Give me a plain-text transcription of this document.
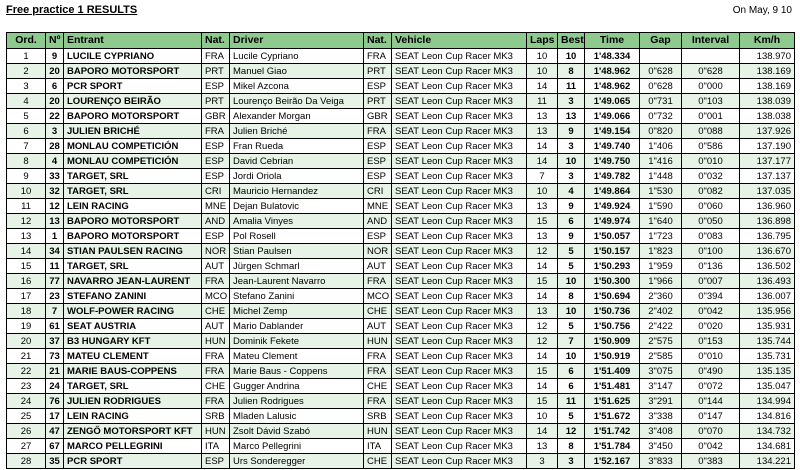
Free practice 1 RESULTS	On May, 9 10
Ord.	Nº	Entrant	Nat.	Driver	Nat.	Vehicle	Laps	Best	Time	Gap	Interval	Km/h
1	9	LUCILE CYPRIANO	FRA	Lucile Cypriano	FRA	SEAT Leon Cup Racer MK3	10	10	1'48.334			138.970
2	20	BAPORO MOTORSPORT	PRT	Manuel Giao	PRT	SEAT Leon Cup Racer MK3	10	8	1'48.962	0"628	0"628	138.169
3	6	PCR SPORT	ESP	Mikel Azcona	ESP	SEAT Leon Cup Racer MK3	14	11	1'48.962	0"628	0"000	138.169
4	20	LOURENÇO BEIRÃO	PRT	Lourenço Beirão Da Veiga	PRT	SEAT Leon Cup Racer MK3	11	3	1'49.065	0"731	0"103	138.039
5	22	BAPORO MOTORSPORT	GBR	Alexander Morgan	GBR	SEAT Leon Cup Racer MK3	13	13	1'49.066	0"732	0"001	138.038
6	3	JULIEN BRICHÉ	FRA	Julien Briché	FRA	SEAT Leon Cup Racer MK3	13	9	1'49.154	0"820	0"088	137.926
7	28	MONLAU COMPETICIÓN	ESP	Fran Rueda	ESP	SEAT Leon Cup Racer MK3	14	3	1'49.740	1"406	0"586	137.190
8	4	MONLAU COMPETICIÓN	ESP	David Cebrian	ESP	SEAT Leon Cup Racer MK3	14	10	1'49.750	1"416	0"010	137.177
9	33	TARGET, SRL	ESP	Jordi Oriola	ESP	SEAT Leon Cup Racer MK3	7	3	1'49.782	1"448	0"032	137.137
10	32	TARGET, SRL	CRI	Mauricio Hernandez	CRI	SEAT Leon Cup Racer MK3	10	4	1'49.864	1"530	0"082	137.035
11	12	LEIN RACING	MNE	Dejan Bulatovic	MNE	SEAT Leon Cup Racer MK3	13	9	1'49.924	1"590	0"060	136.960
12	13	BAPORO MOTORSPORT	AND	Amalia Vinyes	AND	SEAT Leon Cup Racer MK3	15	6	1'49.974	1"640	0"050	136.898
13	1	BAPORO MOTORSPORT	ESP	Pol Rosell	ESP	SEAT Leon Cup Racer MK3	13	9	1'50.057	1"723	0"083	136.795
14	34	STIAN PAULSEN RACING	NOR	Stian Paulsen	NOR	SEAT Leon Cup Racer MK3	12	5	1'50.157	1"823	0"100	136.670
15	11	TARGET, SRL	AUT	Jürgen Schmarl	AUT	SEAT Leon Cup Racer MK3	14	5	1'50.293	1"959	0"136	136.502
16	77	NAVARRO JEAN-LAURENT	FRA	Jean-Laurent Navarro	FRA	SEAT Leon Cup Racer MK3	15	10	1'50.300	1"966	0"007	136.493
17	23	STEFANO ZANINI	MCO	Stefano Zanini	MCO	SEAT Leon Cup Racer MK3	14	8	1'50.694	2"360	0"394	136.007
18	7	WOLF-POWER RACING	CHE	Michel Zemp	CHE	SEAT Leon Cup Racer MK3	13	10	1'50.736	2"402	0"042	135.956
19	61	SEAT AUSTRIA	AUT	Mario Dablander	AUT	SEAT Leon Cup Racer MK3	12	5	1'50.756	2"422	0"020	135.931
20	37	B3 HUNGARY KFT	HUN	Dominik Fekete	HUN	SEAT Leon Cup Racer MK3	12	7	1'50.909	2"575	0"153	135.744
21	73	MATEU CLEMENT	FRA	Mateu Clement	FRA	SEAT Leon Cup Racer MK3	14	10	1'50.919	2"585	0"010	135.731
22	21	MARIE BAUS-COPPENS	FRA	Marie Baus - Coppens	FRA	SEAT Leon Cup Racer MK3	15	6	1'51.409	3"075	0"490	135.135
23	24	TARGET, SRL	CHE	Gugger Andrina	CHE	SEAT Leon Cup Racer MK3	14	6	1'51.481	3"147	0"072	135.047
24	76	JULIEN RODRIGUES	FRA	Julien Rodrigues	FRA	SEAT Leon Cup Racer MK3	15	11	1'51.625	3"291	0"144	134.994
25	17	LEIN RACING	SRB	Mladen Lalusic	SRB	SEAT Leon Cup Racer MK3	10	5	1'51.672	3"338	0"147	134.816
26	47	ZENGŐ MOTORSPORT KFT	HUN	Zsolt Dávid Szabó	HUN	SEAT Leon Cup Racer MK3	14	12	1'51.742	3"408	0"070	134.732
27	67	MARCO PELLEGRINI	ITA	Marco Pellegrini	ITA	SEAT Leon Cup Racer MK3	13	8	1'51.784	3"450	0"042	134.681
28	35	PCR SPORT	ESP	Urs Sonderegger	CHE	SEAT Leon Cup Racer MK3	3	3	1'52.167	3"833	0"383	134.221
